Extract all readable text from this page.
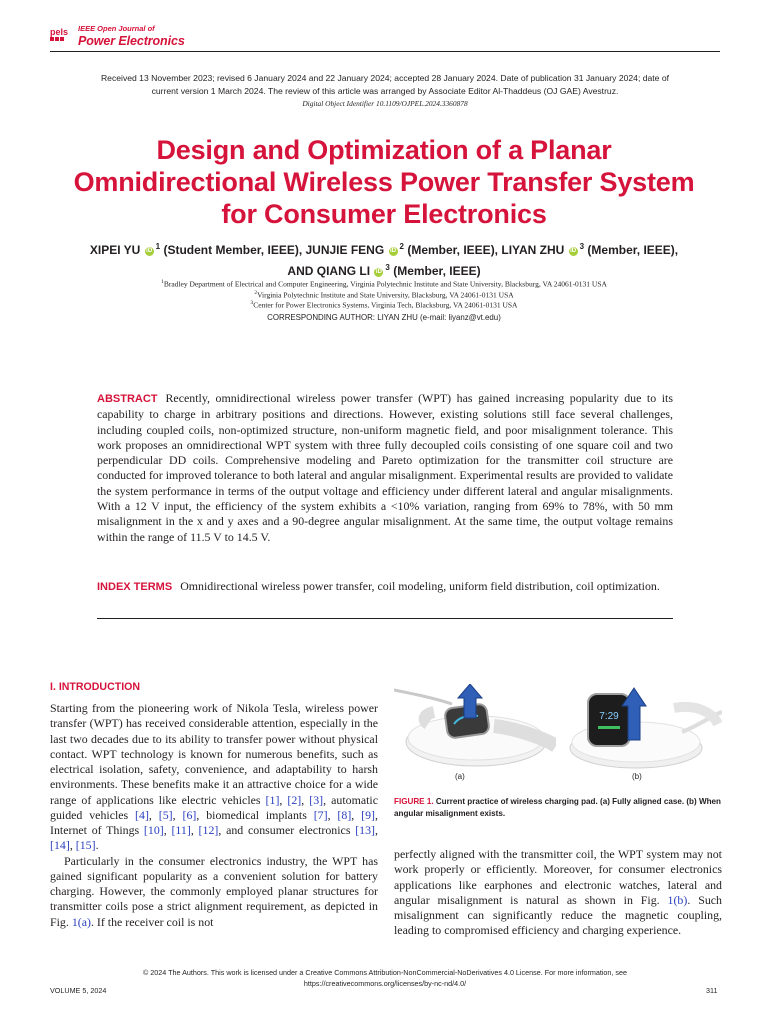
pels IEEE Open Journal of
Power Electronics
Received 13 November 2023; revised 6 January 2024 and 22 January 2024; accepted 28 January 2024. Date of publication 31 January 2024; date of current version 1 March 2024. The review of this article was arranged by Associate Editor Al-Thaddeus (OJ GAE) Avestruz.
Digital Object Identifier 10.1109/OJPEL.2024.3360878
Design and Optimization of a Planar Omnidirectional Wireless Power Transfer System for Consumer Electronics
XIPEI YU iD $^1$ (Student Member, IEEE), JUNJIE FENG iD $^2$ (Member, IEEE), LIYAN ZHU iD $^3$ (Member, IEEE),
AND QIANG LI iD $^3$ (Member, IEEE)
$^1$Bradley Department of Electrical and Computer Engineering, Virginia Polytechnic Institute and State University, Blacksburg, VA 24061-0131 USA
$^2$Virginia Polytechnic Institute and State University, Blacksburg, VA 24061-0131 USA
$^3$Center for Power Electronics Systems, Virginia Tech, Blacksburg, VA 24061-0131 USA
CORRESPONDING AUTHOR: LIYAN ZHU (e-mail: liyanz@vt.edu)
ABSTRACT Recently, omnidirectional wireless power transfer (WPT) has gained increasing popularity due to its capability to charge in arbitrary positions and directions. However, existing solutions still face several challenges, including coupled coils, non-optimized structure, non-uniform magnetic field, and poor misalignment tolerance. This work proposes an omnidirectional WPT system with three fully decoupled coils consisting of one square coil and two perpendicular DD coils. Comprehensive modeling and Pareto optimization for the transmitter coil structure are conducted for improved tolerance to both lateral and angular misalignment. Experimental results are provided to validate the system performance in terms of the output voltage and efficiency under different lateral and angular misalignments. With a 12 V input, the efficiency of the system exhibits a <10% variation, ranging from 69% to 78%, with 50 mm misalignment in the x and y axes and a 90-degree angular misalignment. At the same time, the output voltage remains within the range of 11.5 V to 14.5 V.
INDEX TERMS Omnidirectional wireless power transfer, coil modeling, uniform field distribution, coil optimization.
I. INTRODUCTION
Starting from the pioneering work of Nikola Tesla, wireless power transfer (WPT) has received considerable attention, especially in the last two decades due to its ability to transfer power without physical contact. WPT technology is known for numerous benefits, such as electrical isolation, safety, convenience, and adaptability to harsh environments. These benefits make it an attractive choice for a wide range of applications like electric vehicles [1], [2], [3], automatic guided vehicles [4], [5], [6], biomedical implants [7], [8], [9], Internet of Things [10], [11], [12], and consumer electronics [13], [14], [15].
Particularly in the consumer electronics industry, the WPT has gained significant popularity as a convenient solution for battery charging. However, the commonly employed planar structures for transmitter coils pose a strict alignment requirement, as depicted in Fig. 1(a). If the receiver coil is not
perfectly aligned with the transmitter coil, the WPT system may not work properly or efficiently. Moreover, for consumer electronics applications like earphones and electronic watches, lateral and angular misalignment is natural as shown in Fig. 1(b). Such misalignment can significantly reduce the magnetic coupling, leading to compromised efficiency and charging experience.
(a)
7:29
(b)
FIGURE 1. Current practice of wireless charging pad. (a) Fully aligned case. (b) When angular misalignment exists.
© 2024 The Authors. This work is licensed under a Creative Commons Attribution-NonCommercial-NoDerivatives 4.0 License. For more information, see
https://creativecommons.org/licenses/by-nc-nd/4.0/
VOLUME 5, 2024	311
